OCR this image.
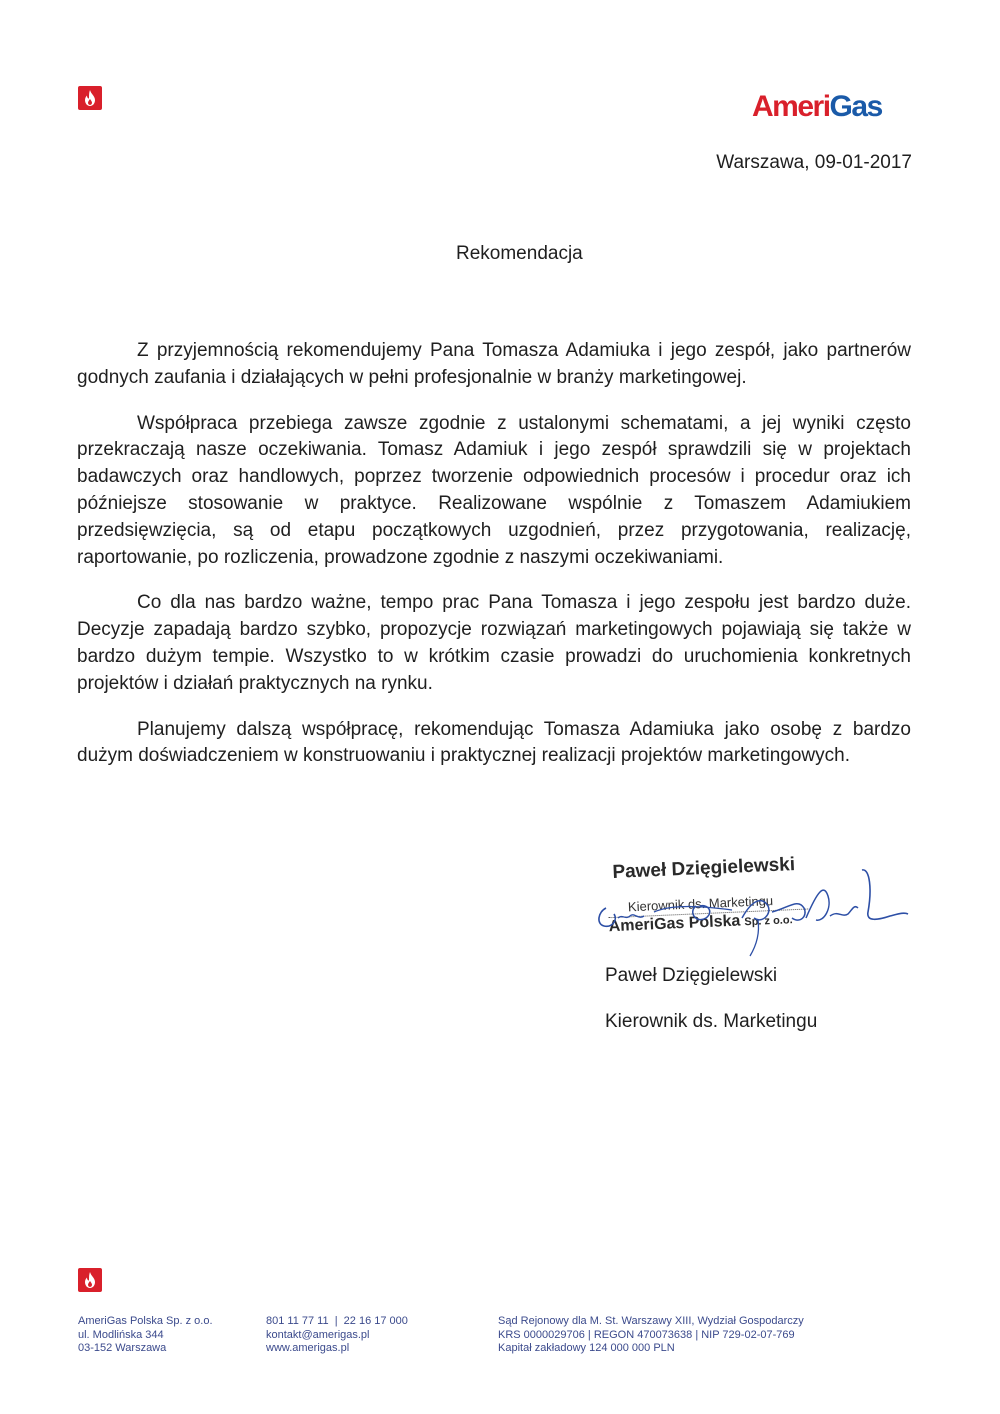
AmeriGas
Warszawa, 09-01-2017
Rekomendacja

Z przyjemnością rekomendujemy Pana Tomasza Adamiuka i jego zespół, jako partnerów godnych zaufania i działających w pełni profesjonalnie w branży marketingowej.

Współpraca przebiega zawsze zgodnie z ustalonymi schematami, a jej wyniki często przekraczają nasze oczekiwania. Tomasz Adamiuk i jego zespół sprawdzili się w projektach badawczych oraz handlowych, poprzez tworzenie odpowiednich procesów i procedur oraz ich późniejsze stosowanie w praktyce. Realizowane wspólnie z Tomaszem Adamiukiem przedsięwzięcia, są od etapu początkowych uzgodnień, przez przygotowania, realizację, raportowanie, po rozliczenia, prowadzone zgodnie z naszymi oczekiwaniami.

Co dla nas bardzo ważne, tempo prac Pana Tomasza i jego zespołu jest bardzo duże. Decyzje zapadają bardzo szybko, propozycje rozwiązań marketingowych pojawiają się także w bardzo dużym tempie. Wszystko to w krótkim czasie prowadzi do uruchomienia konkretnych projektów i działań praktycznych na rynku.

Planujemy dalszą współpracę, rekomendując Tomasza Adamiuka jako osobę z bardzo dużym doświadczeniem w konstruowaniu i praktycznej realizacji projektów marketingowych.

Paweł Dzięgielewski
Kierownik ds. Marketingu
AmeriGas Polska Sp. z o.o.
Paweł Dzięgielewski
Kierownik ds. Marketingu
AmeriGas Polska Sp. z o.o.
ul. Modlińska 344
03-152 Warszawa
801 11 77 11  |  22 16 17 000
kontakt@amerigas.pl
www.amerigas.pl
Sąd Rejonowy dla M. St. Warszawy XIII, Wydział Gospodarczy
KRS 0000029706 | REGON 470073638 | NIP 729-02-07-769
Kapitał zakładowy 124 000 000 PLN
